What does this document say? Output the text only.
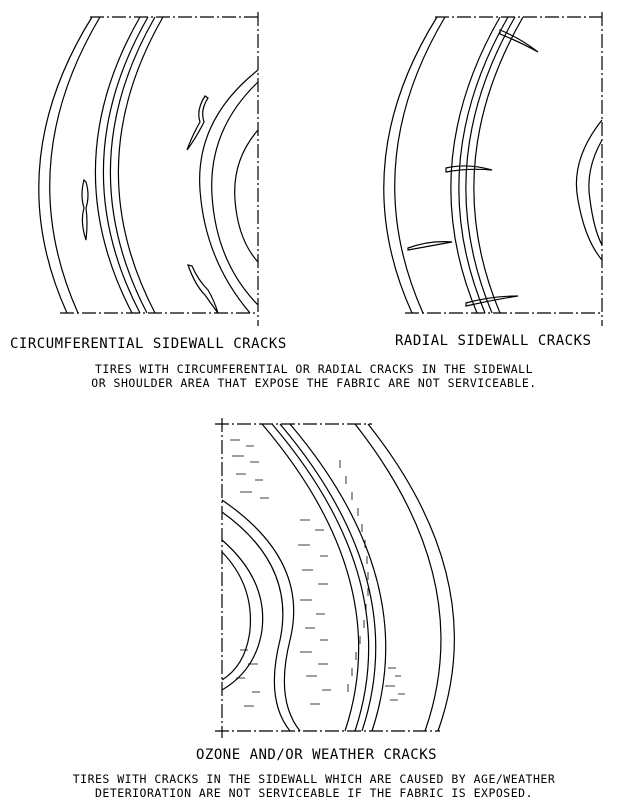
CIRCUMFERENTIAL SIDEWALL CRACKS	RADIAL SIDEWALL CRACKS
TIRES WITH CIRCUMFERENTIAL OR RADIAL CRACKS IN THE SIDEWALL
OR SHOULDER AREA THAT EXPOSE THE FABRIC ARE NOT SERVICEABLE.
OZONE AND/OR WEATHER CRACKS
TIRES WITH CRACKS IN THE SIDEWALL WHICH ARE CAUSED BY AGE/WEATHER
DETERIORATION ARE NOT SERVICEABLE IF THE FABRIC IS EXPOSED.
